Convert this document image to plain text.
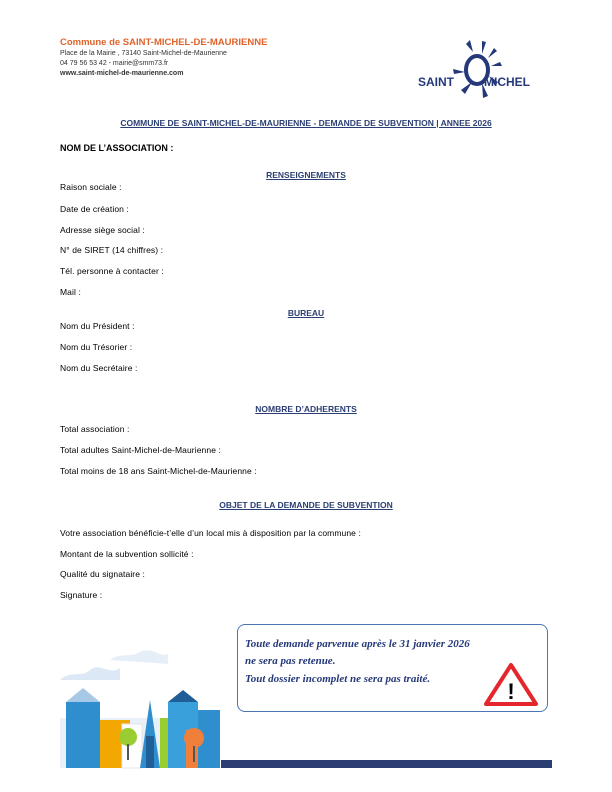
Commune de SAINT-MICHEL-DE-MAURIENNE
Place de la Mairie , 73140 Saint-Michel-de-Maurienne
04 79 56 53 42 - mairie@smm73.fr
www.saint-michel-de-maurienne.com
SAINT	MICHEL
COMMUNE DE SAINT-MICHEL-DE-MAURIENNE - DEMANDE DE SUBVENTION | ANNEE 2026
NOM DE L’ASSOCIATION :
RENSEIGNEMENTS
Raison sociale :
Date de création :
Adresse siège social :
N° de SIRET (14 chiffres) :
Tél. personne à contacter :
Mail :
BUREAU
Nom du Président :
Nom du Trésorier :
Nom du Secrétaire :
NOMBRE D’ADHERENTS
Total association :
Total adultes Saint-Michel-de-Maurienne :
Total moins de 18 ans Saint-Michel-de-Maurienne :
OBJET DE LA DEMANDE DE SUBVENTION
Votre association bénéficie-t’elle d’un local mis à disposition par la commune :
Montant de la subvention sollicité :
Qualité du signataire :
Signature :
Toute demande parvenue après le 31 janvier 2026
ne sera pas retenue.
Tout dossier incomplet ne sera pas traité.	!
